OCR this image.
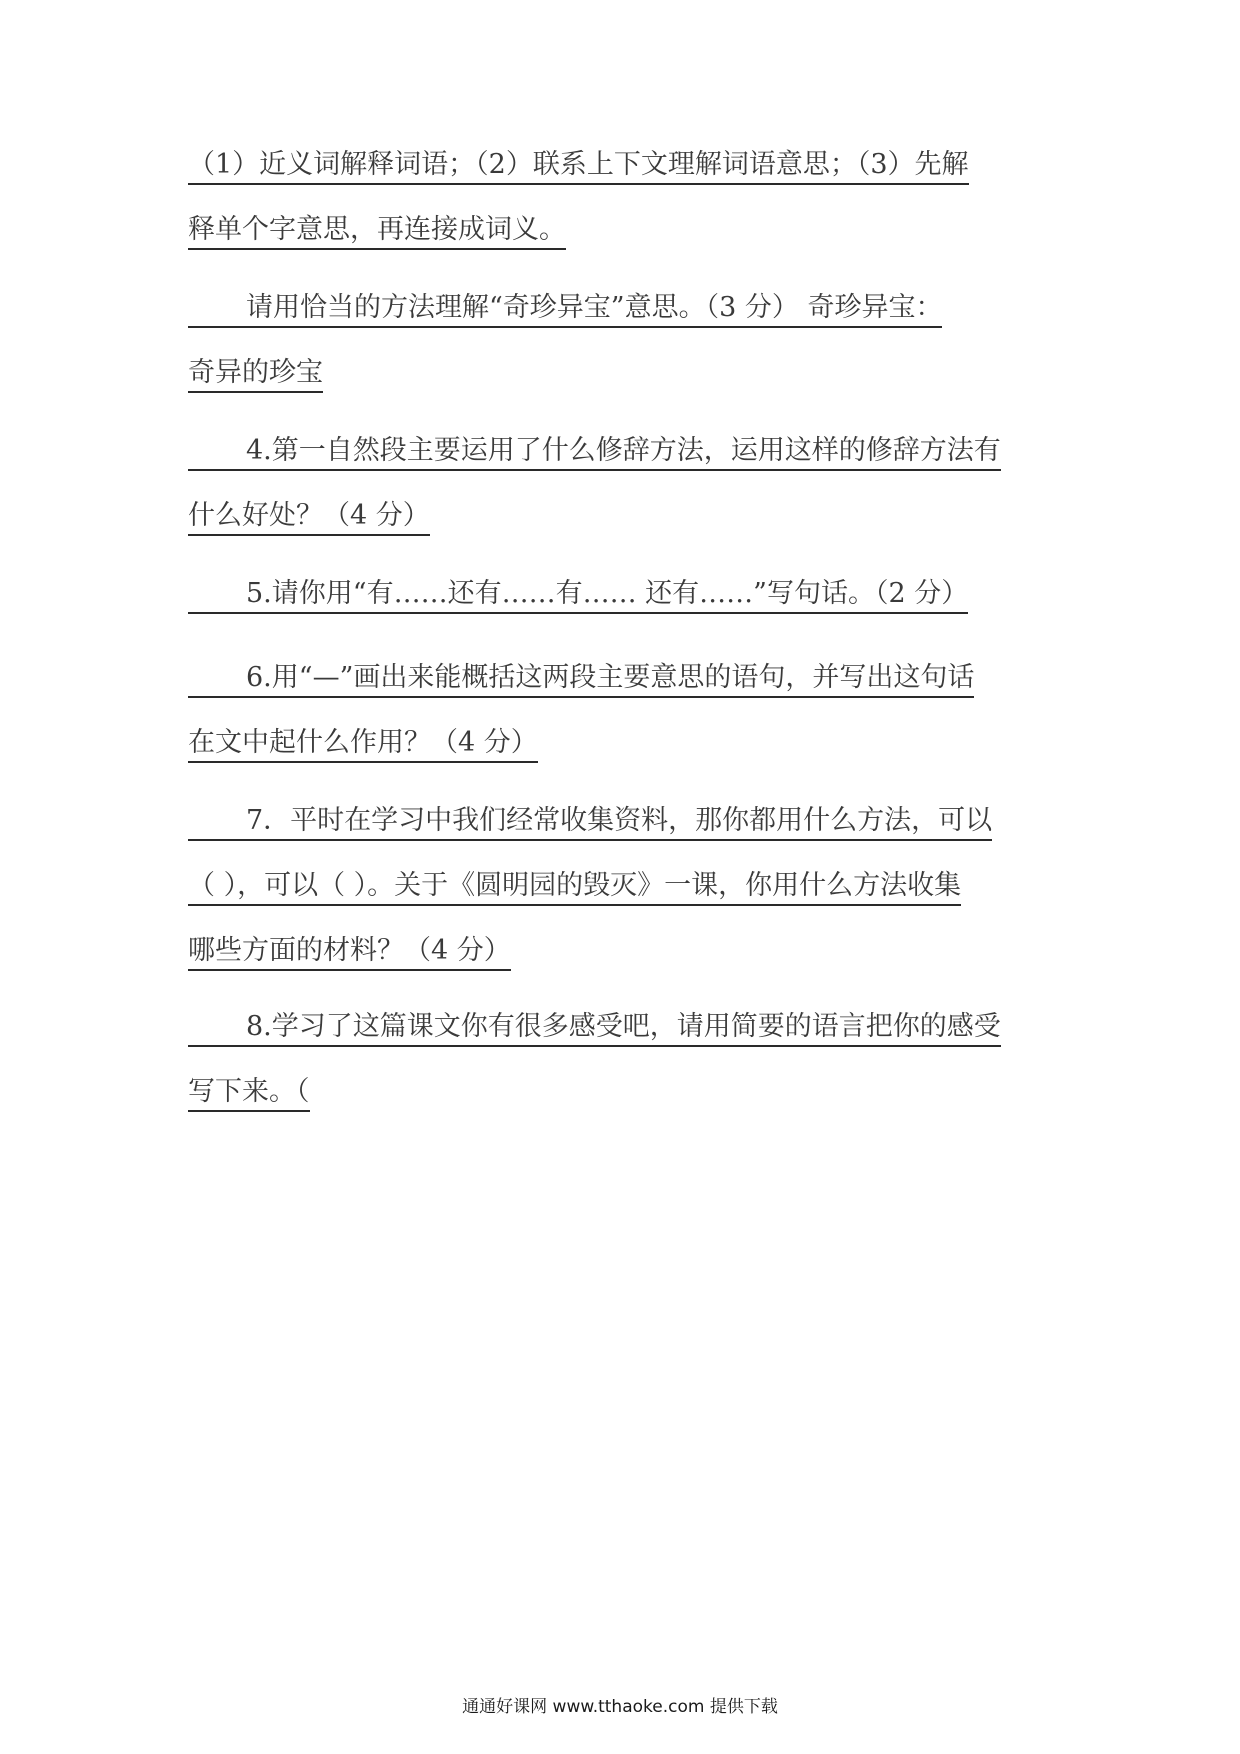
（1）近义词解释词语；（2）联系上下文理解词语意思；（3）先解
释单个字意思，再连接成词义。
请用恰当的方法理解“奇珍异宝”意思。（3 分） 奇珍异宝：
奇异的珍宝
4.第一自然段主要运用了什么修辞方法，运用这样的修辞方法有
什么好处？（4 分）
5.请你用“有……还有……有…… 还有……”写句话。（2 分）
6.用“—”画出来能概括这两段主要意思的语句，并写出这句话
在文中起什么作用？（4 分）
7．平时在学习中我们经常收集资料，那你都用什么方法，可以
（ ），可以（ ）。关于《圆明园的毁灭》一课，你用什么方法收集
哪些方面的材料？（4 分）
8.学习了这篇课文你有很多感受吧，请用简要的语言把你的感受
写下来。（
通通好课网 www.tthaoke.com 提供下载
